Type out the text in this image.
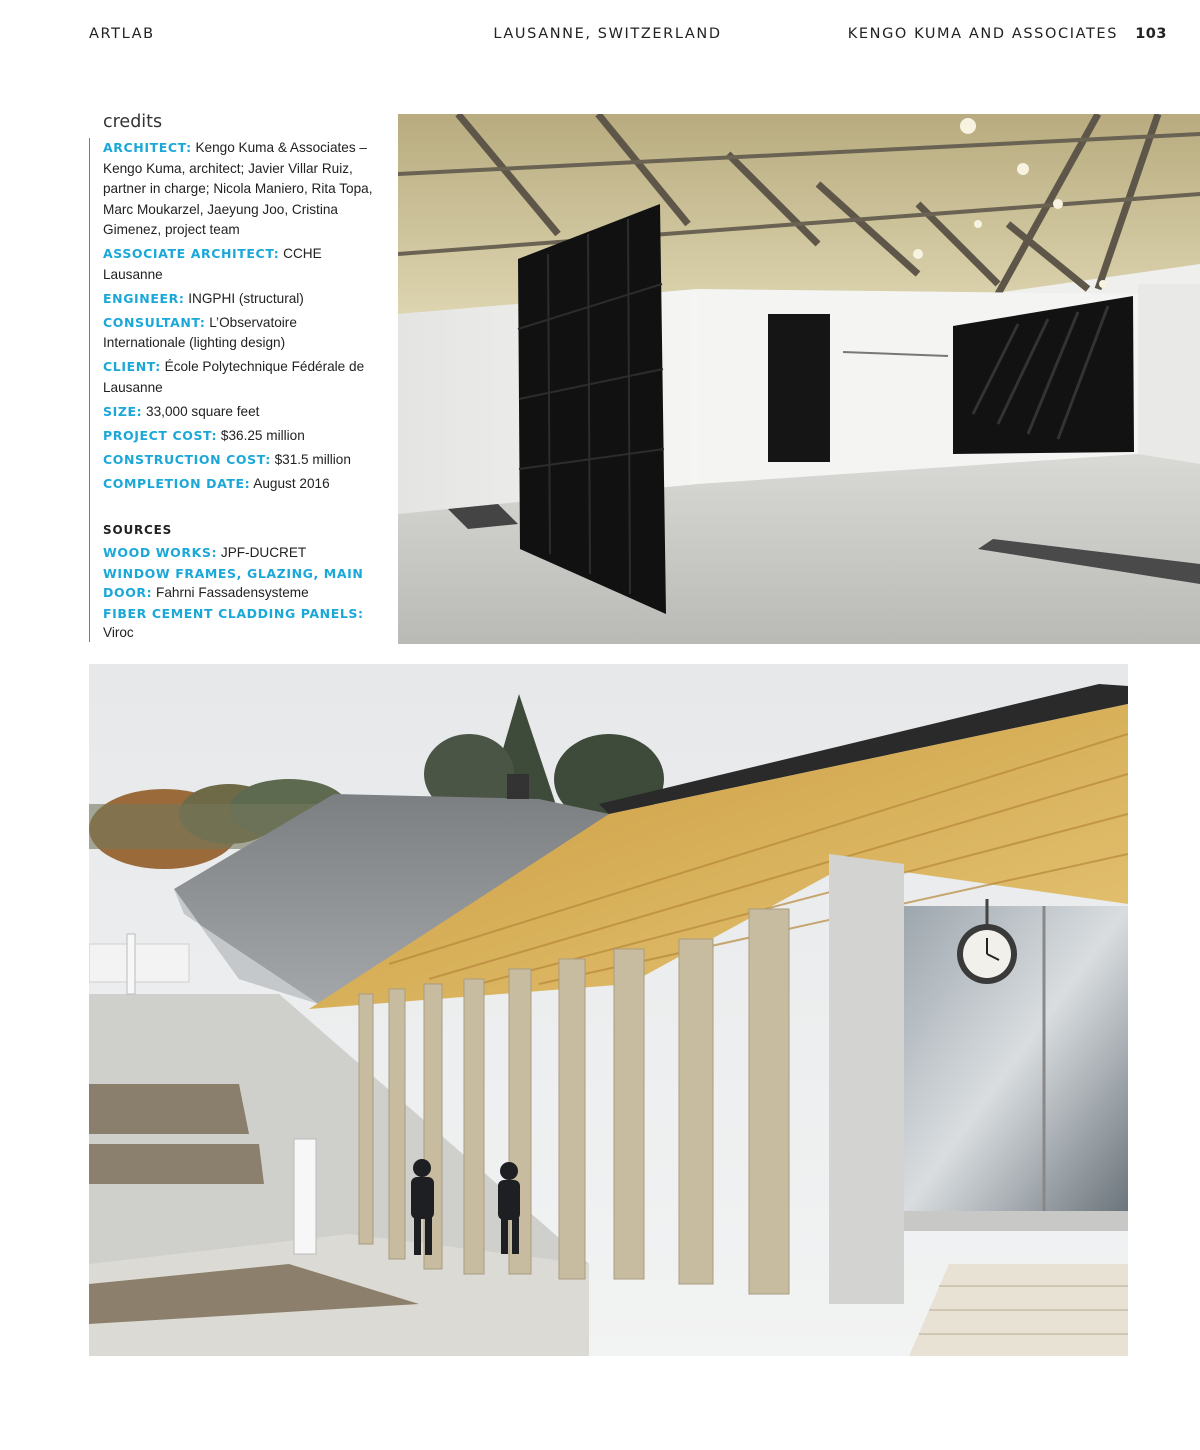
ARTLAB	LAUSANNE, SWITZERLAND	KENGO KUMA AND ASSOCIATES 103
credits
ARCHITECT: Kengo Kuma & Associates – Kengo Kuma, architect; Javier Villar Ruiz, partner in charge; Nicola Maniero, Rita Topa, Marc Moukarzel, Jaeyung Joo, Cristina Gimenez, project team
ASSOCIATE ARCHITECT: CCHE Lausanne
ENGINEER: INGPHI (structural)
CONSULTANT: L’Observatoire Internationale (lighting design)
CLIENT: École Polytechnique Fédérale de Lausanne
SIZE: 33,000 square feet
PROJECT COST: $36.25 million
CONSTRUCTION COST: $31.5 million
COMPLETION DATE: August 2016
SOURCES
WOOD WORKS: JPF-DUCRET
WINDOW FRAMES, GLAZING, MAIN DOOR: Fahrni Fassadensysteme
FIBER CEMENT CLADDING PANELS: Viroc
